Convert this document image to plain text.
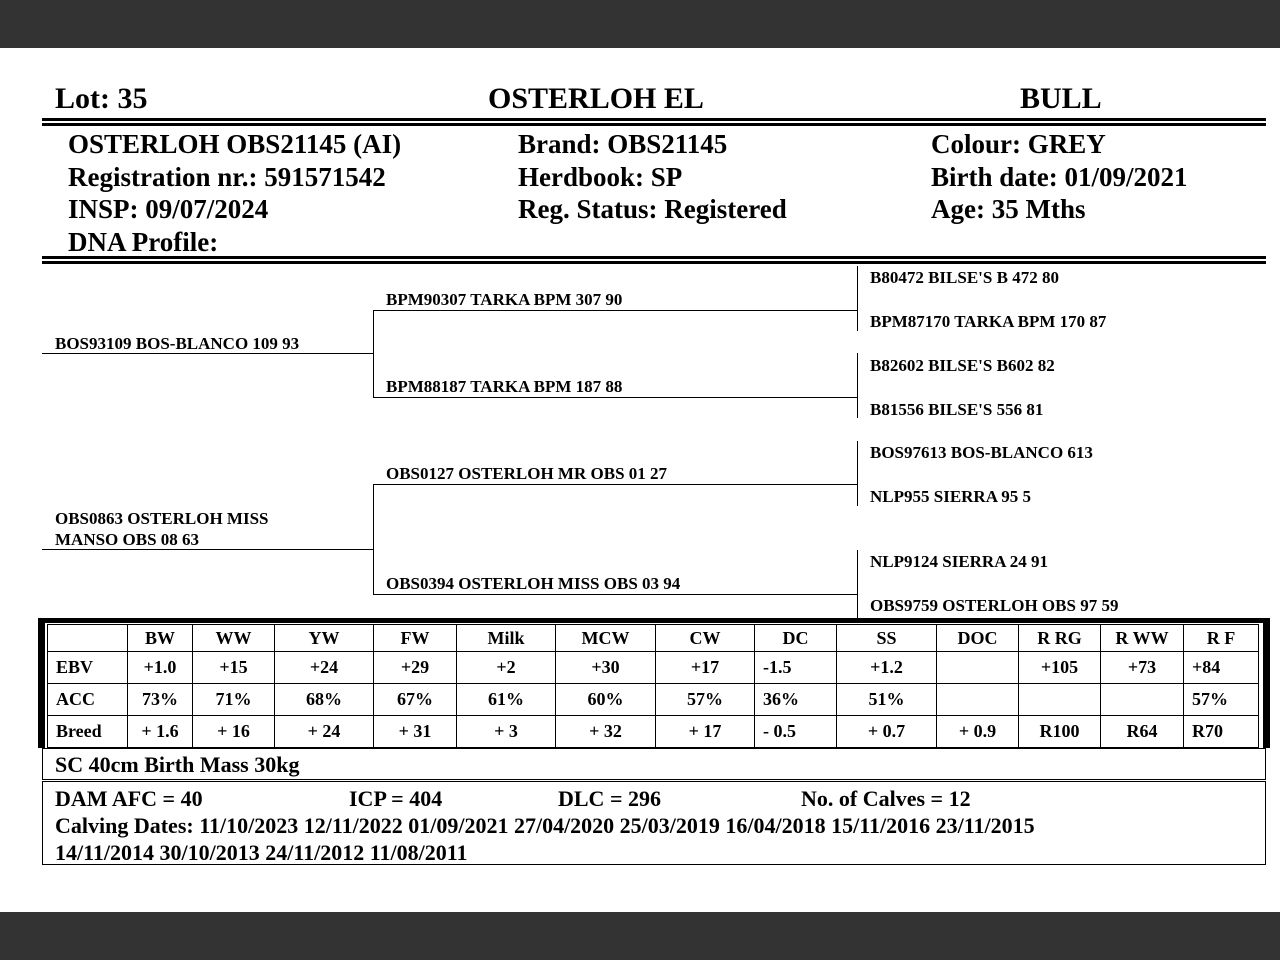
Lot: 35	OSTERLOH EL	BULL
OSTERLOH OBS21145 (AI)
Registration nr.: 591571542
INSP: 09/07/2024
DNA Profile:
Brand: OBS21145
Herdbook: SP
Reg. Status: Registered
Colour: GREY
Birth date: 01/09/2021
Age: 35 Mths
BOS93109 BOS-BLANCO 109 93
OBS0863 OSTERLOH MISS
MANSO OBS 08 63
BPM90307 TARKA BPM 307 90
BPM88187 TARKA BPM 187 88
OBS0127 OSTERLOH MR OBS 01 27
OBS0394 OSTERLOH MISS OBS 03 94
B80472 BILSE'S B 472 80
BPM87170 TARKA BPM 170 87
B82602 BILSE'S B602 82
B81556 BILSE'S 556 81
BOS97613 BOS-BLANCO 613
NLP955 SIERRA 95 5
NLP9124 SIERRA 24 91
OBS9759 OSTERLOH OBS 97 59
	BW	WW	YW	FW	Milk	MCW	CW	DC	SS	DOC	R RG	R WW	R F
EBV	+1.0	+15	+24	+29	+2	+30	+17	-1.5	+1.2		+105	+73	+84
ACC	73%	71%	68%	67%	61%	60%	57%	36%	51%				57%
Breed	+ 1.6	+ 16	+ 24	+ 31	+ 3	+ 32	+ 17	- 0.5	+ 0.7	+ 0.9	R100	R64	R70
SC 40cm Birth Mass 30kg
DAM AFC = 40	ICP = 404	DLC = 296	No. of Calves = 12
Calving Dates: 11/10/2023 12/11/2022 01/09/2021 27/04/2020 25/03/2019 16/04/2018 15/11/2016 23/11/2015
14/11/2014 30/10/2013 24/11/2012 11/08/2011
